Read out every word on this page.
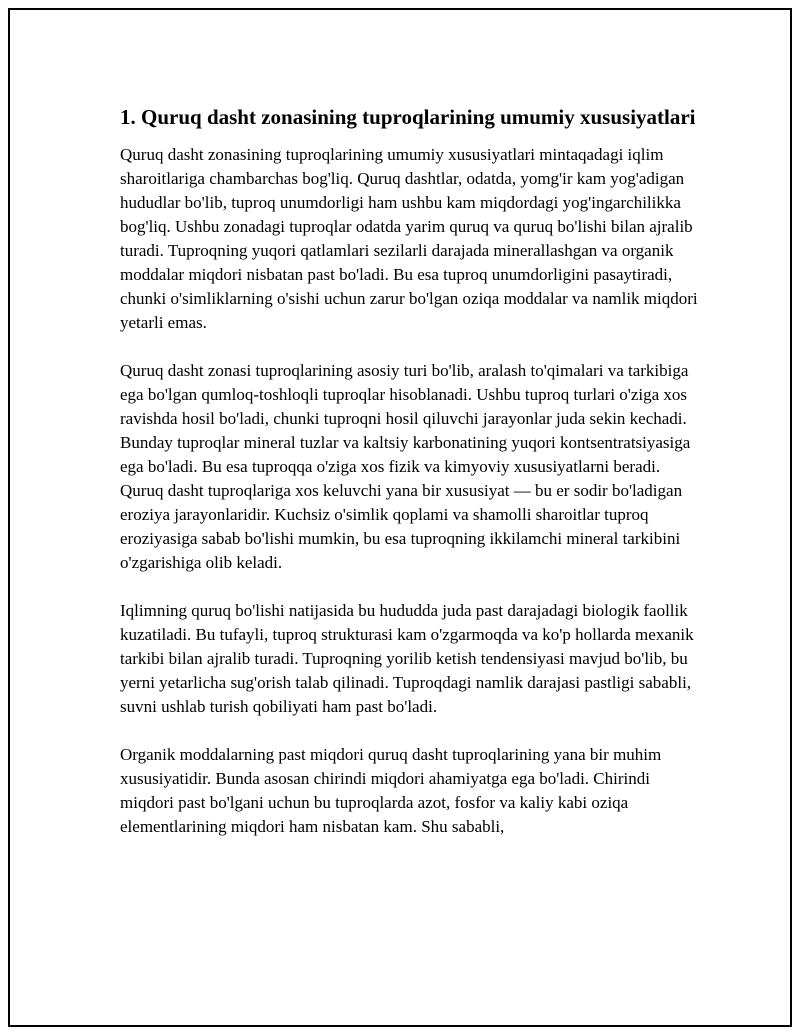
1. Quruq dasht zonasining tuproqlarining umumiy xususiyatlari

Quruq dasht zonasining tuproqlarining umumiy xususiyatlari mintaqadagi iqlim sharoitlariga chambarchas bog'liq. Quruq dashtlar, odatda, yomg'ir kam yog'adigan hududlar bo'lib, tuproq unumdorligi ham ushbu kam miqdordagi yog'ingarchilikka bog'liq. Ushbu zonadagi tuproqlar odatda yarim quruq va quruq bo'lishi bilan ajralib turadi. Tuproqning yuqori qatlamlari sezilarli darajada minerallashgan va organik moddalar miqdori nisbatan past bo'ladi. Bu esa tuproq unumdorligini pasaytiradi, chunki o'simliklarning o'sishi uchun zarur bo'lgan oziqa moddalar va namlik miqdori yetarli emas.

Quruq dasht zonasi tuproqlarining asosiy turi bo'lib, aralash to'qimalari va tarkibiga ega bo'lgan qumloq-toshloqli tuproqlar hisoblanadi. Ushbu tuproq turlari o'ziga xos ravishda hosil bo'ladi, chunki tuproqni hosil qiluvchi jarayonlar juda sekin kechadi. Bunday tuproqlar mineral tuzlar va kaltsiy karbonatining yuqori kontsentratsiyasiga ega bo'ladi. Bu esa tuproqqa o'ziga xos fizik va kimyoviy xususiyatlarni beradi. Quruq dasht tuproqlariga xos keluvchi yana bir xususiyat — bu er sodir bo'ladigan eroziya jarayonlaridir. Kuchsiz o'simlik qoplami va shamolli sharoitlar tuproq eroziyasiga sabab bo'lishi mumkin, bu esa tuproqning ikkilamchi mineral tarkibini o'zgarishiga olib keladi.

Iqlimning quruq bo'lishi natijasida bu hududda juda past darajadagi biologik faollik kuzatiladi. Bu tufayli, tuproq strukturasi kam o'zgarmoqda va ko'p hollarda mexanik tarkibi bilan ajralib turadi. Tuproqning yorilib ketish tendensiyasi mavjud bo'lib, bu yerni yetarlicha sug'orish talab qilinadi. Tuproqdagi namlik darajasi pastligi sababli, suvni ushlab turish qobiliyati ham past bo'ladi.

Organik moddalarning past miqdori quruq dasht tuproqlarining yana bir muhim xususiyatidir. Bunda asosan chirindi miqdori ahamiyatga ega bo'ladi. Chirindi miqdori past bo'lgani uchun bu tuproqlarda azot, fosfor va kaliy kabi oziqa elementlarining miqdori ham nisbatan kam. Shu sababli,
